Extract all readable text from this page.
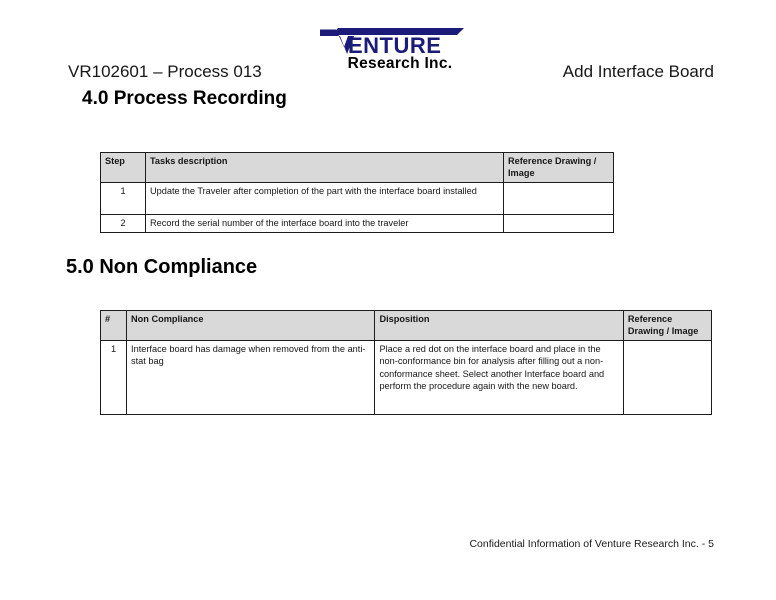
ENTURE
Research Inc.
VR102601 – Process 013	Add Interface Board
4.0 Process Recording
Step	Tasks description	Reference Drawing / Image
1	Update the Traveler after completion of the part with the interface board installed	
2	Record the serial number of the interface board into the traveler	
5.0 Non Compliance
#	Non Compliance	Disposition	Reference Drawing / Image
1	Interface board has damage when removed from the anti-stat bag	Place a red dot on the interface board and place in the non-conformance bin for analysis after filling out a non-conformance sheet. Select another Interface board and perform the procedure again with the new board.	
Confidential Information of Venture Research Inc. - 5
